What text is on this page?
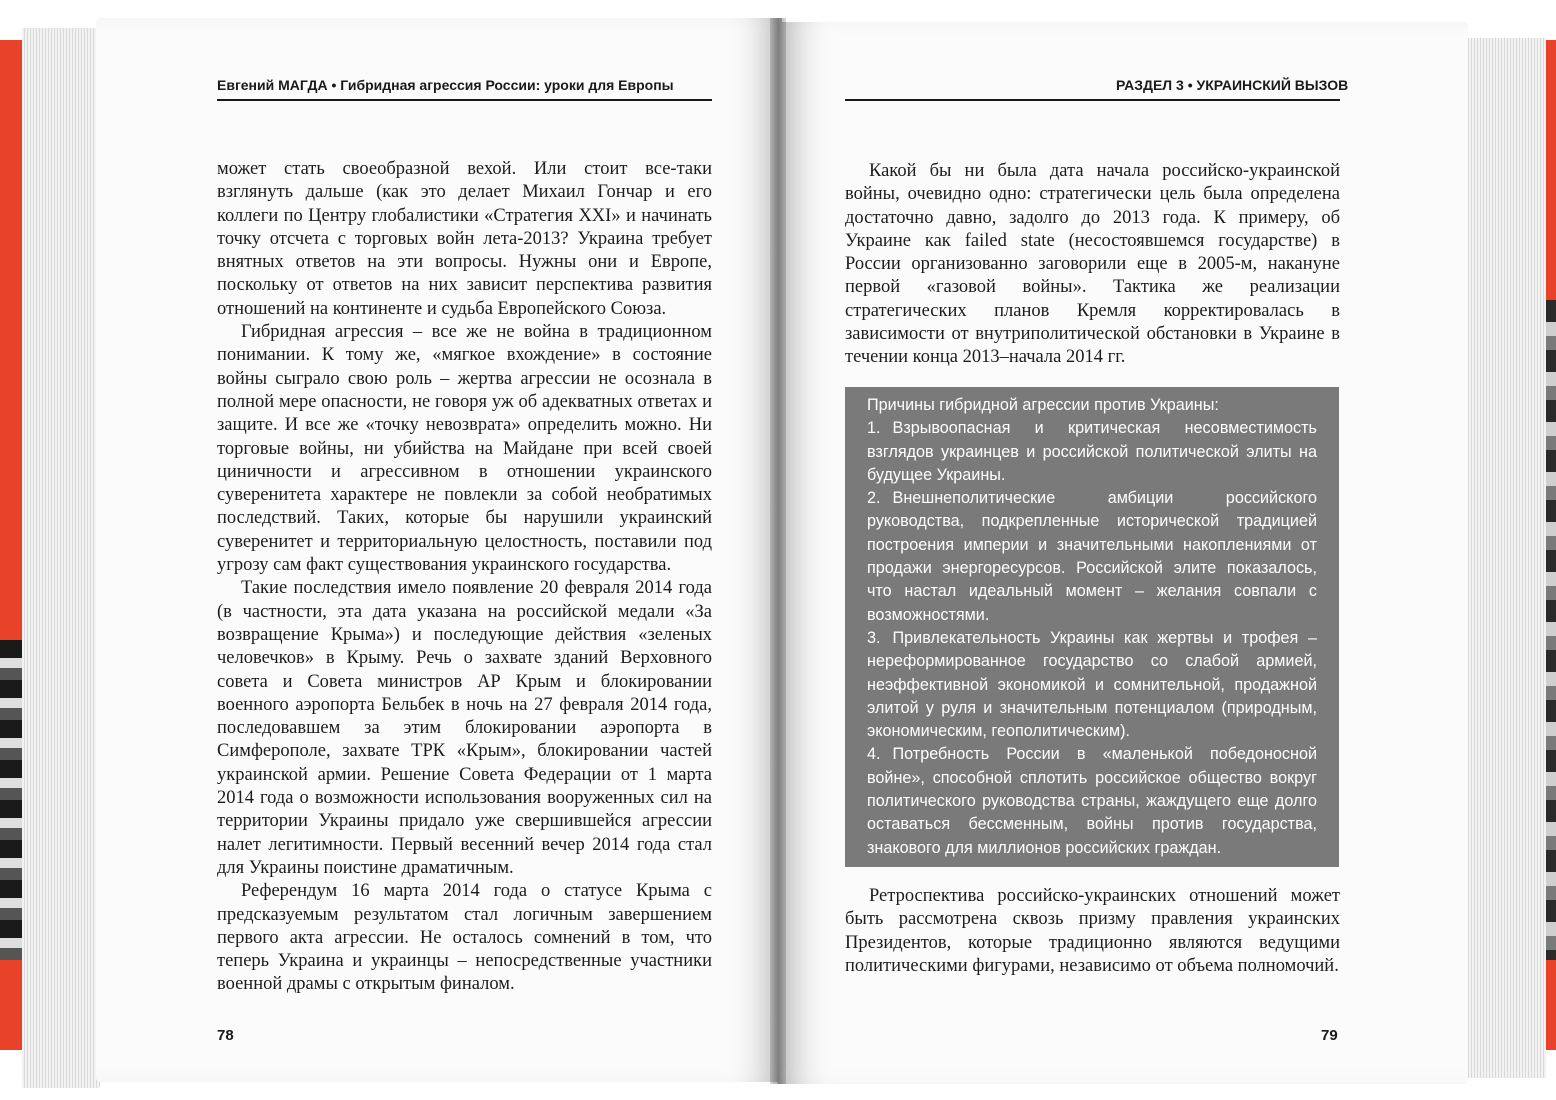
Евгений МАГДА • Гибридная агрессия России: уроки для Европы

может стать своеобразной вехой. Или стоит все-таки взглянуть дальше (как это делает Михаил Гончар и его коллеги по Центру глобалистики «Стратегия XXI» и начинать точку отсчета с торговых войн лета-2013? Украина требует внятных ответов на эти вопросы. Нужны они и Европе, поскольку от ответов на них зависит перспектива развития отношений на континенте и судьба Европейского Союза.

Гибридная агрессия – все же не война в традиционном понимании. К тому же, «мягкое вхождение» в состояние войны сыграло свою роль – жертва агрессии не осознала в полной мере опасности, не говоря уж об адекватных ответах и защите. И все же «точку невозврата» определить можно. Ни торговые войны, ни убийства на Майдане при всей своей циничности и агрессивном в отношении украинского суверенитета характере не повлекли за собой необратимых последствий. Таких, которые бы нарушили украинский суверенитет и территориальную целостность, поставили под угрозу сам факт существования украинского государства.

Такие последствия имело появление 20 февраля 2014 года (в частности, эта дата указана на российской медали «За возвращение Крыма») и последующие действия «зеленых человечков» в Крыму. Речь о захвате зданий Верховного совета и Совета министров АР Крым и блокировании военного аэропорта Бельбек в ночь на 27 февраля 2014 года, последовавшем за этим блокировании аэропорта в Симферополе, захвате ТРК «Крым», блокировании частей украинской армии. Решение Совета Федерации от 1 марта 2014 года о возможности использования вооруженных сил на территории Украины придало уже свершившейся агрессии налет легитимности. Первый весенний вечер 2014 года стал для Украины поистине драматичным.

Референдум 16 марта 2014 года о статусе Крыма с предсказуемым результатом стал логичным завершением первого акта агрессии. Не осталось сомнений в том, что теперь Украина и украинцы – непосредственные участники военной драмы с открытым финалом.

78
РАЗДЕЛ 3 • УКРАИНСКИЙ ВЫЗОВ

Какой бы ни была дата начала российско-украинской войны, очевидно одно: стратегически цель была определена достаточно давно, задолго до 2013 года. К примеру, об Украине как failed state (несостоявшемся государстве) в России организованно заговорили еще в 2005-м, накануне первой «газовой войны». Тактика же реализации стратегических планов Кремля корректировалась в зависимости от внутриполитической обстановки в Украине в течении конца 2013–начала 2014 гг.

Причины гибридной агрессии против Украины:

1. Взрывоопасная и критическая несовместимость взглядов украинцев и российской политической элиты на будущее Украины.

2. Внешнеполитические амбиции российского руководства, подкрепленные исторической традицией построения империи и значительными накоплениями от продажи энергоресурсов. Российской элите показалось, что настал идеальный момент – желания совпали с возможностями.

3. Привлекательность Украины как жертвы и трофея – нереформированное государство со слабой армией, неэффективной экономикой и сомнительной, продажной элитой у руля и значительным потенциалом (природным, экономическим, геополитическим).

4. Потребность России в «маленькой победоносной войне», способной сплотить российское общество вокруг политического руководства страны, жаждущего еще долго оставаться бессменным, войны против государства, знакового для миллионов российских граждан.

Ретроспектива российско-украинских отношений может быть рассмотрена сквозь призму правления украинских Президентов, которые традиционно являются ведущими политическими фигурами, независимо от объема полномочий.

79
